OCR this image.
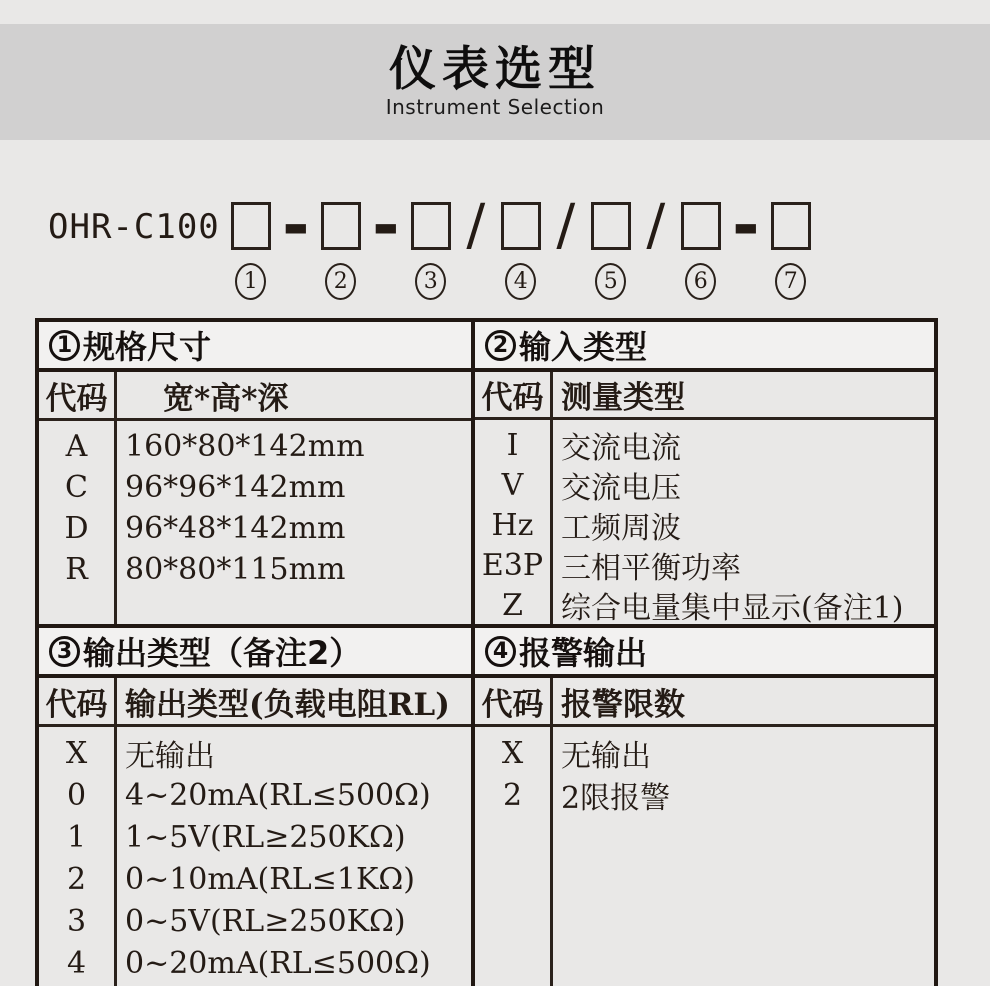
仪表选型
Instrument Selection
OHR-C100
1
-
2
-
3
/
4
/
5
/
6
-
7
1 规格尺寸
代码
A
C
D
R
宽*高*深
160*80*142mm
96*96*142mm
96*48*142mm
80*80*115mm
3 输出类型（备注2）
代码
X
0
1
2
3
4
输出类型(负载电阻RL)
无输出
4~20mA(RL≤500Ω)
1~5V(RL≥250KΩ)
0~10mA(RL≤1KΩ)
0~5V(RL≥250KΩ)
0~20mA(RL≤500Ω)
2 输入类型
代码
I
V
Hz
E3P
Z
测量类型
交流电流
交流电压
工频周波
三相平衡功率
综合电量集中显示(备注1)
4 报警输出
代码
X
2
报警限数
无输出
2限报警
